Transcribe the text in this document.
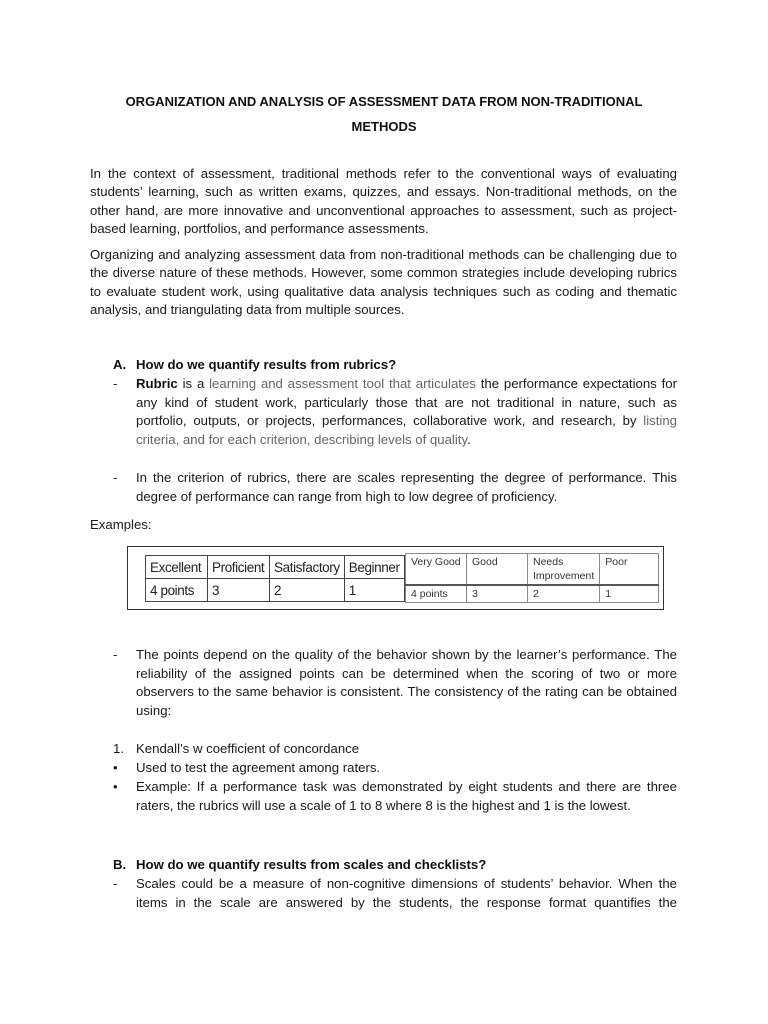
ORGANIZATION AND ANALYSIS OF ASSESSMENT DATA FROM NON-TRADITIONAL
METHODS
In the context of assessment, traditional methods refer to the conventional ways of evaluating students’ learning, such as written exams, quizzes, and essays. Non-traditional methods, on the other hand, are more innovative and unconventional approaches to assessment, such as project-based learning, portfolios, and performance assessments.
Organizing and analyzing assessment data from non-traditional methods can be challenging due to the diverse nature of these methods. However, some common strategies include developing rubrics to evaluate student work, using qualitative data analysis techniques such as coding and thematic analysis, and triangulating data from multiple sources.
A. How do we quantify results from rubrics?
-	Rubric is a learning and assessment tool that articulates the performance expectations for any kind of student work, particularly those that are not traditional in nature, such as portfolio, outputs, or projects, performances, collaborative work, and research, by listing criteria, and for each criterion, describing levels of quality.
-	In the criterion of rubrics, there are scales representing the degree of performance. This degree of performance can range from high to low degree of proficiency.
Examples:
Excellent	Proficient	Satisfactory	Beginner
4 points	3	2	1
Very Good	Good	Needs Improvement	Poor
4 points	3	2	1
-	The points depend on the quality of the behavior shown by the learner’s performance. The reliability of the assigned points can be determined when the scoring of two or more observers to the same behavior is consistent. The consistency of the rating can be obtained using:
1. Kendall’s w coefficient of concordance
•	Used to test the agreement among raters.
•	Example: If a performance task was demonstrated by eight students and there are three raters, the rubrics will use a scale of 1 to 8 where 8 is the highest and 1 is the lowest.
B. How do we quantify results from scales and checklists?
-	Scales could be a measure of non-cognitive dimensions of students’ behavior. When the items in the scale are answered by the students, the response format quantifies the
